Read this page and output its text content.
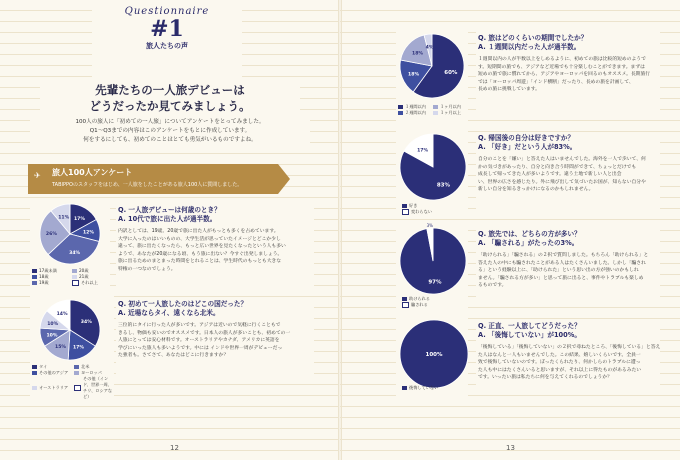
Questionnaire
#1
旅人たちの声
先輩たちの一人旅デビューは
どうだったか見てみましょう。
100人の旅人に「初めての一人旅」についてアンケートをとってみました。
Q1〜Q3までの内容はこのアンケートをもとに作成しています。
何をするにしても、初めてのことはとても勇気がいるものですよね。
✈ 旅人100人アンケート
TABIPPOのスタッフをはじめ、一人旅をしたことがある旅人100人に質問しました。
17%
12%
34%
26%
11%
17歳未満	20歳
18歳	21歳
19歳	それ以上
Q. 一人旅デビューは何歳のとき？
A. 10代で旅に出た人が過半数。
内訳としては、19歳、20歳で旅に出た人がもっとも多くを占めています。
大学に入ったのはいいものの、大学生活が思っていたイメージとどこか少し
違って、旅に出たくなったら、もっと広い世界を見たくなったという人も多い
ようで、あなたが20歳になる頃、もう旅に出ない？今すぐ出発しましょう。
旅に出るためのまとまった時間をとれることは、学生時代のもっとも大きな
特権の一つなのでしょう。
34%
17%
15%
10%
10%
14%
タイ	北米
その他のアジア	ヨーロッパ
オーストラリア
その他（インド、世界一周、チリ、ロシアなど）
Q. 初めて一人旅したのはどこの国だった？
A. 近場ならタイ、遠くなら北米。
三位的にタイに行った人が多いです。アジアは近いので気軽に行くこともで
きるし、物価も安いのでオススメです。日本人の旅人が多いことも、初めての一
人旅にとっては安心材料です。オーストラリアやカナダ、アメリカに英語を
学びにいった旅人も多いようです。中には インドや世界一周がデビューだっ
た強者も。さてさて、あなたはどこに行きますか？
12
60%
18%
18%
4%
１週間以内	１ヶ月以内
２週間以内	１ヶ月以上
Q. 旅はどのくらいの期間でしたか？
A. １週間以内だった人が過半数。
１週間以内の人が半数以上をしめるように、初めての旅は比較的短めのようで
す。短期間の旅でも、アジアなど近場でも十分楽しむことができます。まずは
短めの旅で旅に慣れてから、アジアやヨーロッパを回るのもオススメ。長期旅行
では「ヨーロッパ周遊」「インド横断」だったり、長めの旅を計画して、
長めの旅に挑戦しています。
83%
17%
好き
変わらない
Q. 帰国後の自分は好きですか？
A. 「好き」だという人が83%。
自分のことを「嫌い」と答えた人はいませんでした。海外を一人で歩いて、何
かの気づきがあったり、自分と向き合う時間ができて、ちょっとだけでも
成長して帰ってきた人が多いようです。違う土地で新しい人と出会
い、世界の広さを感じたり。外に飛び出して気づいたお国が、知らない自分や
新しい自分を知るきっかけになるのかもしれません。
97%
3%
助けられる
騙される
Q. 旅先では、どちらの方が多い？
A. 「騙される」がたったの3%。
「助けられる」「騙される」の２択で質問しました。もちろん「助けられる」と
答えた人の中にも騙されたことがある人はたくさんいました。しかし「騙され
る」という経験以上に、「助けられた」という思い出の方が強いのかもしれ
ません。「騙される方が多い」と思って旅に出ると、事件やトラブルも楽しめ
るものです。
100%
後悔していない
Q. 正直、一人旅してどうだった？
A. 「後悔していない」が100%。
「後悔している」「後悔していない」の２択で尋ねたところ、「後悔している」と答え
た人はなんと一人もいませんでした。この結果、嬉しいくらいです。全員一
致で後悔していないのです。ぼったくられたり、何かしらのトラブルに遭っ
た人も中にはたくさんいると思いますが、それ以上に得たものがあるみたい
です。いったい旅は私たちに何を与えてくれるのでしょうか？
13
